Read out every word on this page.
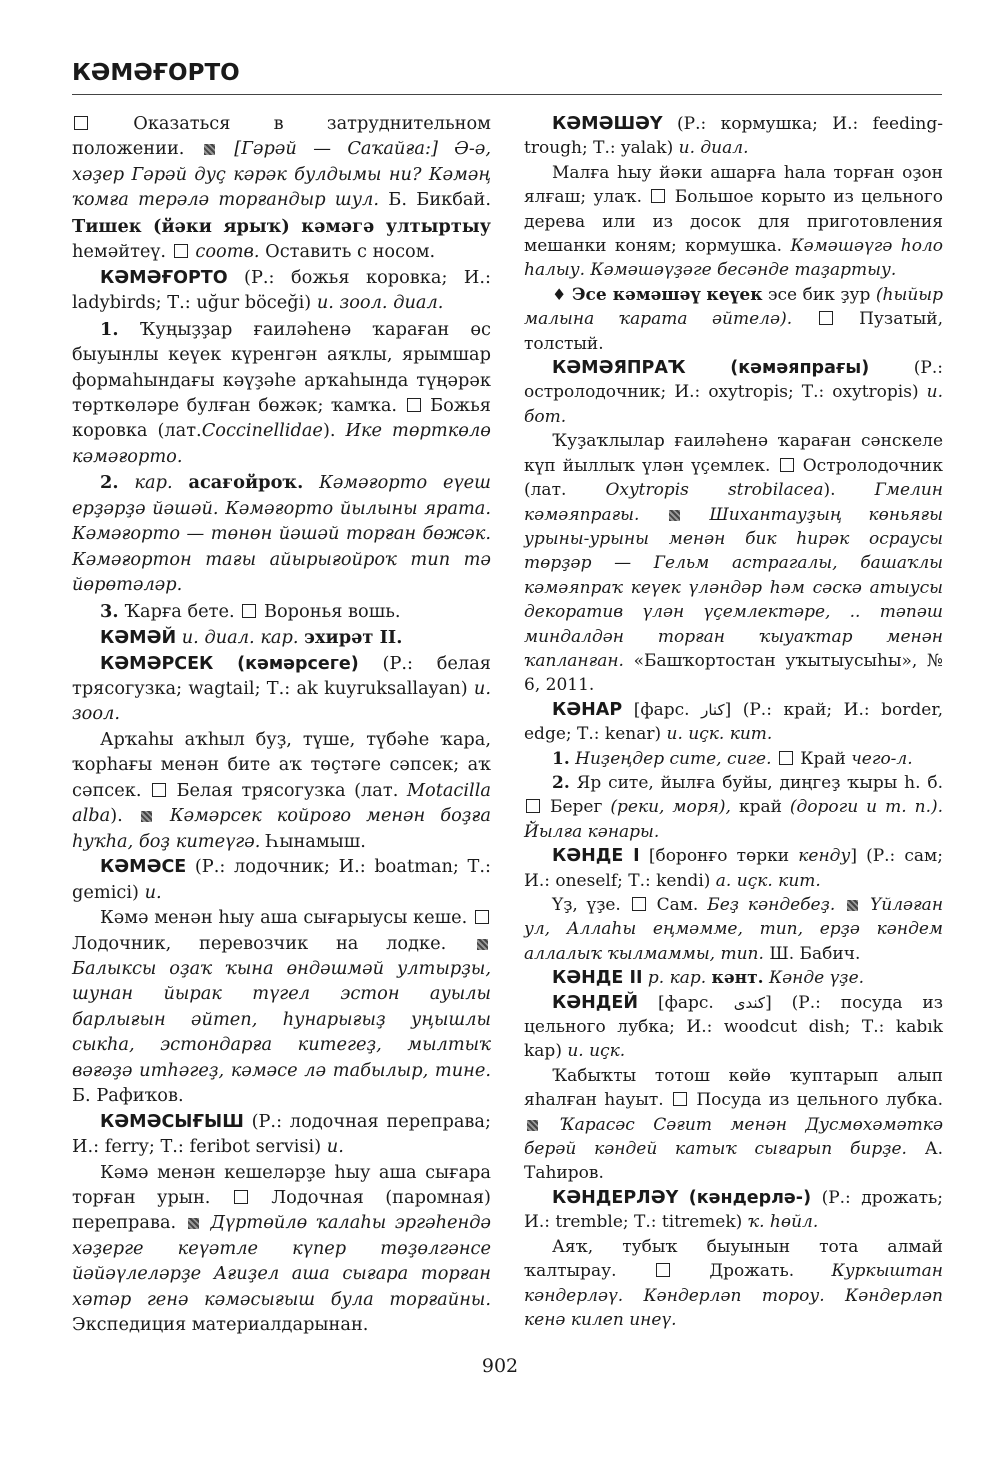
КӘМӘҒОРТО

Оказаться в затруднительном положении.	[Гәрәй — Саҡайға:] Ә-ә, хәҙер Гәрәй дуҫ кәрәк булдымы ни? Кәмәң ҡомға терәлә торғандыр шул. Б. Бикбай. Тишек (йәки ярыҡ) кәмәгә ултыртыу һемәйтеү. соотв. Оставить с носом.

КӘМӘҒОРТО (Р.: божья коровка; И.: ladybirds; Т.: uğur böceği) и. зоол. диал.

1. Ҡуңыҙҙар ғаиләһенә ҡараған өс быуынлы кеүек күренгән аяҡлы, ярымшар формаһындағы кәүҙәһе арҡаһында түңәрәк төрткөләре булған бөжәк; ҡамҡа. Божья коровка (лат.Coccinellidae). Ике төрткөлө кәмәғорто.

2. кар. асағойроҡ. Кәмәғорто еүеш ерҙәрҙә йәшәй. Кәмәғорто йылыны ярата. Кәмәғорто — төнөн йәшәй торған бөжәк. Кәмәғортон тағы айырығойроҡ тип тә йөрөтәләр.

3. Ҡарға бете. Воронья вошь.

КӘМӘЙ и. диал. кар. эхирәт II.

КӘМӘРСЕК (кәмәрсеге) (Р.: белая трясогузка; wagtail; Т.: ak kuyruksallayan) и. зоол.

Арҡаһы аҡһыл буҙ, түше, түбәһе ҡара, ҡорһағы менән бите аҡ төҫтәге сәпсек; аҡ сәпсек. Белая трясогузка (лат. Motacilla alba).	Кәмәрсек койроғо менән боҙға һуҡһа, боҙ китеүгә. Һынамыш.

КӘМӘСЕ (Р.: лодочник; И.: boatman; Т.: gemici) и.

Кәмә менән һыу аша сығарыусы кеше.  Лодочник, перевозчик на лодке.  Балыксы оҙаҡ ҡына өндәшмәй ултырҙы, шунан йырак түгел эстон ауылы барлығын әйтеп, һунарығыҙ уңышлы сыкһа, эстондарға китегеҙ, мылтыҡ вәғәҙә итһәгеҙ, кәмәсе лә табылыр, тине. Б. Рафиҡов.

КӘМӘСЫҒЫШ (Р.: лодочная переправа; И.: ferry; Т.: feribot servisi) и.

Кәмә менән кешеләрҙе һыу аша сығара торған урын.	Лодочная (паромная) переправа. Дүртөйлө ҡалаһы эргәһендә хәҙерге кеүәтле күпер төҙөлгәнсе йәйәүлеләрҙе Ағиҙел аша сығара торған хәтәр генә кәмәсығыш була торғайны. Экспедиция материалдарынан.

КӘМӘШӘҮ (Р.: кормушка; И.: feeding-trough; Т.: yalak) и. диал.

Малға һыу йәки ашарға һала торған оҙон ялғаш; улаҡ. Большое корыто из цельного дерева или из досок для приготовления мешанки коням; кормушка. Кәмәшәүгә һоло һалыу. Кәмәшәүҙәге бесәнде таҙартыу.

♦ Эсе кәмәшәү кеүек эсе бик ҙур (һыйыр малына ҡарата әйтелә).	Пузатый, толстый.

КӘМӘЯПРАҠ	(кәмәяпрағы)	(Р.: остролодочник; И.: oxytropis; Т.: oxytropis) и. бот.

Ҡуҙаҡлылар ғаиләһенә ҡараған сәнскеле күп йыллыҡ үлән үҫемлек. Остролодочник (лат. Oxytropis strobilacea). Гмелин кәмәяпрағы.	Шихантауҙың көньяғы урыны-урыны менән бик һирәк осраусы төрҙәр — Гельм астрагалы, башаҡлы кәмәяпраҡ кеүек үләндәр һәм сәскә атыусы декоратив үлән үҫемлектәре, .. тәпәш миндалдән торған ҡыуаҡтар менән ҡапланған. «Башҡортостан уҡытыусыһы», № 6, 2011.

КӘНАР [фарс. کنار] (Р.: край; И.: border, edge; Т.: kenar) и. иҫк. кит.

1. Ниҙеңдер сите, сиге. Край чего-л.

2. Яр сите, йылға буйы, диңгеҙ ҡыры һ. б.  Берег (реки, моря), край (дороги и т. п.). Йылға кәнары.

КӘНДЕ I [боронғо төрки кенду] (Р.: сам; И.: oneself; Т.: kendi) а. иҫк. кит.

Үҙ, үҙе. Сам. Беҙ кәндебеҙ. Үйләған ул, Аллаһы еңмәмме, тип, ерҙә кәндем аллалыҡ ҡылмаммы, тип. Ш. Бабич.

КӘНДЕ II р. кар. кәнт. Кәнде үҙе.

КӘНДЕЙ [фарс. کندی] (Р.: посуда из цельного лубка; И.: woodcut dish; Т.: kabık kap) и. иҫк.

Ҡабыҡты тотош көйө ҡуптарып алып яһалған һауыт. Посуда из цельного лубка.  Ҡарасәс Сәғит менән Дусмөхәмәткә берәй кәндей катыҡ сығарып бирҙе. А. Таһиров.

КӘНДЕРЛӘҮ (кәндерлә-) (Р.: дрожать; И.: tremble; Т.: titremek) ҡ. һөйл.

Аяҡ, тубыҡ быуынын тота алмай ҡалтырау.	Дрожать. Куркыштан кәндерләү. Кәндерләп тороу. Кәндерләп кенә килеп инеү.

902
